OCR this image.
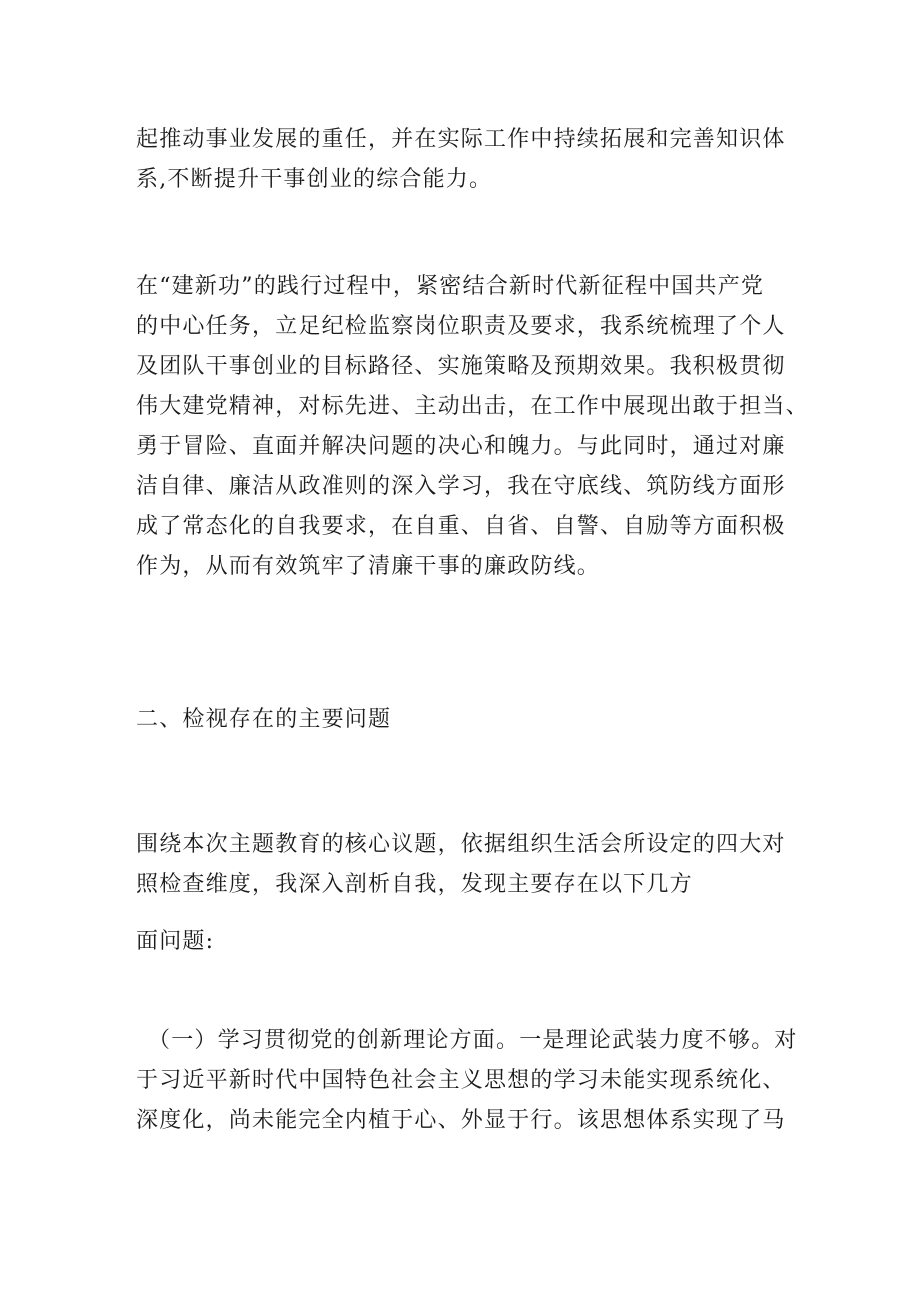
起推动事业发展的重任，并在实际工作中持续拓展和完善知识体
系,不断提升干事创业的综合能力。
在“建新功”的践行过程中，紧密结合新时代新征程中国共产党
的中心任务，立足纪检监察岗位职责及要求，我系统梳理了个人
及团队干事创业的目标路径、实施策略及预期效果。我积极贯彻
伟大建党精神，对标先进、主动出击，在工作中展现出敢于担当、
勇于冒险、直面并解决问题的决心和魄力。与此同时，通过对廉
洁自律、廉洁从政准则的深入学习，我在守底线、筑防线方面形
成了常态化的自我要求，在自重、自省、自警、自励等方面积极
作为，从而有效筑牢了清廉干事的廉政防线。
二、检视存在的主要问题
围绕本次主题教育的核心议题，依据组织生活会所设定的四大对
照检查维度，我深入剖析自我，发现主要存在以下几方
面问题:
（一）学习贯彻党的创新理论方面。一是理论武装力度不够。对
于习近平新时代中国特色社会主义思想的学习未能实现系统化、
深度化，尚未能完全内植于心、外显于行。该思想体系实现了马
